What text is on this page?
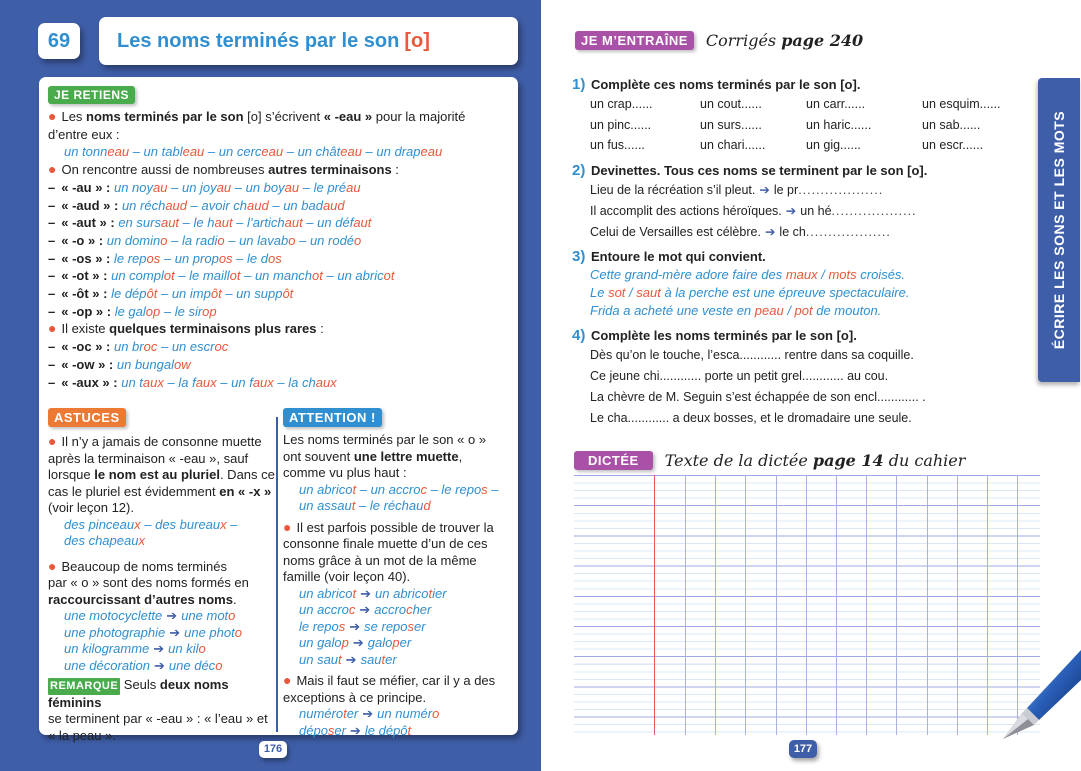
69	Les noms terminés par le son [o]
JE RETIENS
● Les noms terminés par le son [o] s’écrivent « -eau » pour la majorité
d’entre eux :
un tonneau – un tableau – un cerceau – un château – un drapeau
● On rencontre aussi de nombreuses autres terminaisons :
– « -au » : un noyau – un joyau – un boyau – le préau
– « -aud » : un réchaud – avoir chaud – un badaud
– « -aut » : en sursaut – le haut – l’artichaut – un défaut
– « -o » : un domino – la radio – un lavabo – un rodéo
– « -os » : le repos – un propos – le dos
– « -ot » : un complot – le maillot – un manchot – un abricot
– « -ôt » : le dépôt – un impôt – un suppôt
– « -op » : le galop – le sirop
● Il existe quelques terminaisons plus rares :
– « -oc » : un broc – un escroc
– « -ow » : un bungalow
– « -aux » : un taux – la faux – un faux – la chaux
ASTUCES
● Il n’y a jamais de consonne muette
après la terminaison « -eau », sauf
lorsque le nom est au pluriel. Dans ce
cas le pluriel est évidemment en « -x »
(voir leçon 12).
des pinceaux – des bureaux –
des chapeaux
● Beaucoup de noms terminés
par « o » sont des noms formés en
raccourcissant d’autres noms.
une motocyclette ➔ une moto
une photographie ➔ une photo
un kilogramme ➔ un kilo
une décoration ➔ une déco
REMARQUE Seuls deux noms féminins
se terminent par « -eau » : « l’eau » et
« la peau ».
ATTENTION !
Les noms terminés par le son « o »
ont souvent une lettre muette,
comme vu plus haut :
un abricot – un accroc – le repos –
un assaut – le réchaud
● Il est parfois possible de trouver la
consonne finale muette d’un de ces
noms grâce à un mot de la même
famille (voir leçon 40).
un abricot ➔ un abricotier
un accroc ➔ accrocher
le repos ➔ se reposer
un galop ➔ galoper
un saut ➔ sauter
● Mais il faut se méfier, car il y a des
exceptions à ce principe.
numéroter ➔ un numéro
déposer ➔ le dépôt
176
JE M’ENTRAÎNE	Corrigés page 240
1) Complète ces noms terminés par le son [o].
un crap......	un cout......	un carr......	un esquim......
un pinc......	un surs......	un haric......	un sab......
un fus......	un chari......	un gig......	un escr......
2) Devinettes. Tous ces noms se terminent par le son [o].
Lieu de la récréation s’il pleut. ➔ le pr...................
Il accomplit des actions héroïques. ➔ un hé...................
Celui de Versailles est célèbre. ➔ le ch...................
3) Entoure le mot qui convient.
Cette grand-mère adore faire des maux / mots croisés.
Le sot / saut à la perche est une épreuve spectaculaire.
Frida a acheté une veste en peau / pot de mouton.
4) Complète les noms terminés par le son [o].
Dès qu’on le touche, l’esca............ rentre dans sa coquille.
Ce jeune chi............ porte un petit grel............ au cou.
La chèvre de M. Seguin s’est échappée de son encl............ .
Le cha............ a deux bosses, et le dromadaire une seule.
ÉCRIRE LES SONS ET LES MOTS
DICTÉE	Texte de la dictée page 14 du cahier
177
